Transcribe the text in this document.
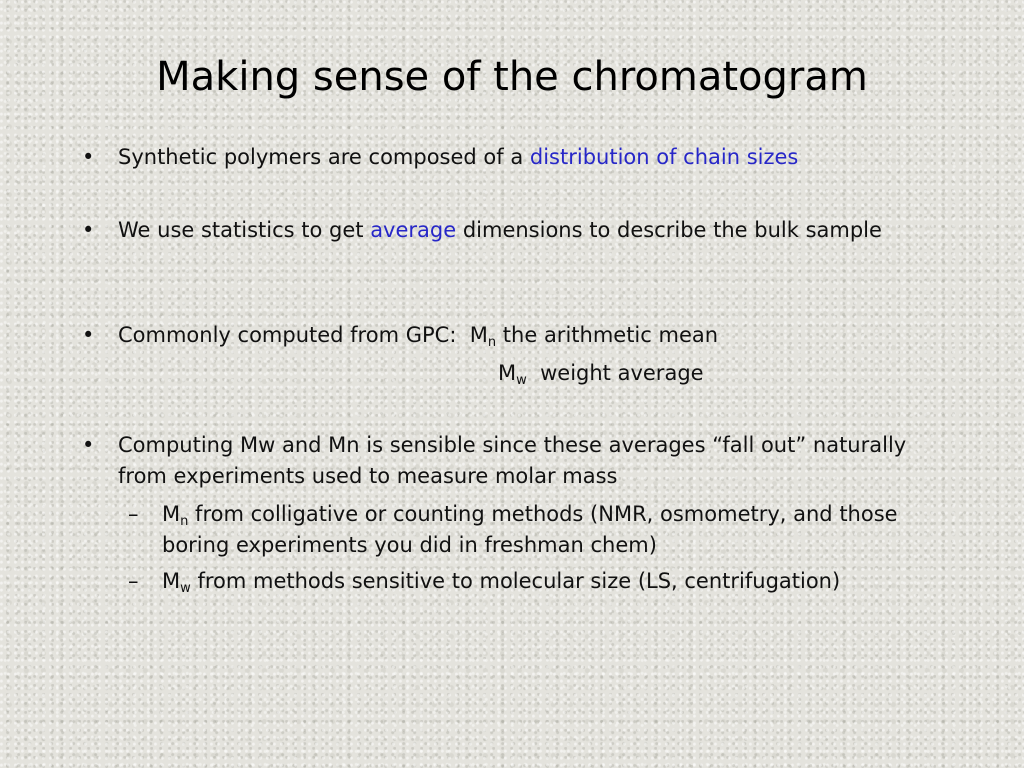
Making sense of the chromatogram
•	Synthetic polymers are composed of a distribution of chain sizes
•	We use statistics to get average dimensions to describe the bulk sample
•	Commonly computed from GPC:  $M_n$ the arithmetic mean
$M_w$  weight average
•	Computing Mw and Mn is sensible since these averages “fall out” naturally from experiments used to measure molar mass
– $M_n$ from colligative or counting methods (NMR, osmometry, and those boring experiments you did in freshman chem)
– $M_w$ from methods sensitive to molecular size (LS, centrifugation)
